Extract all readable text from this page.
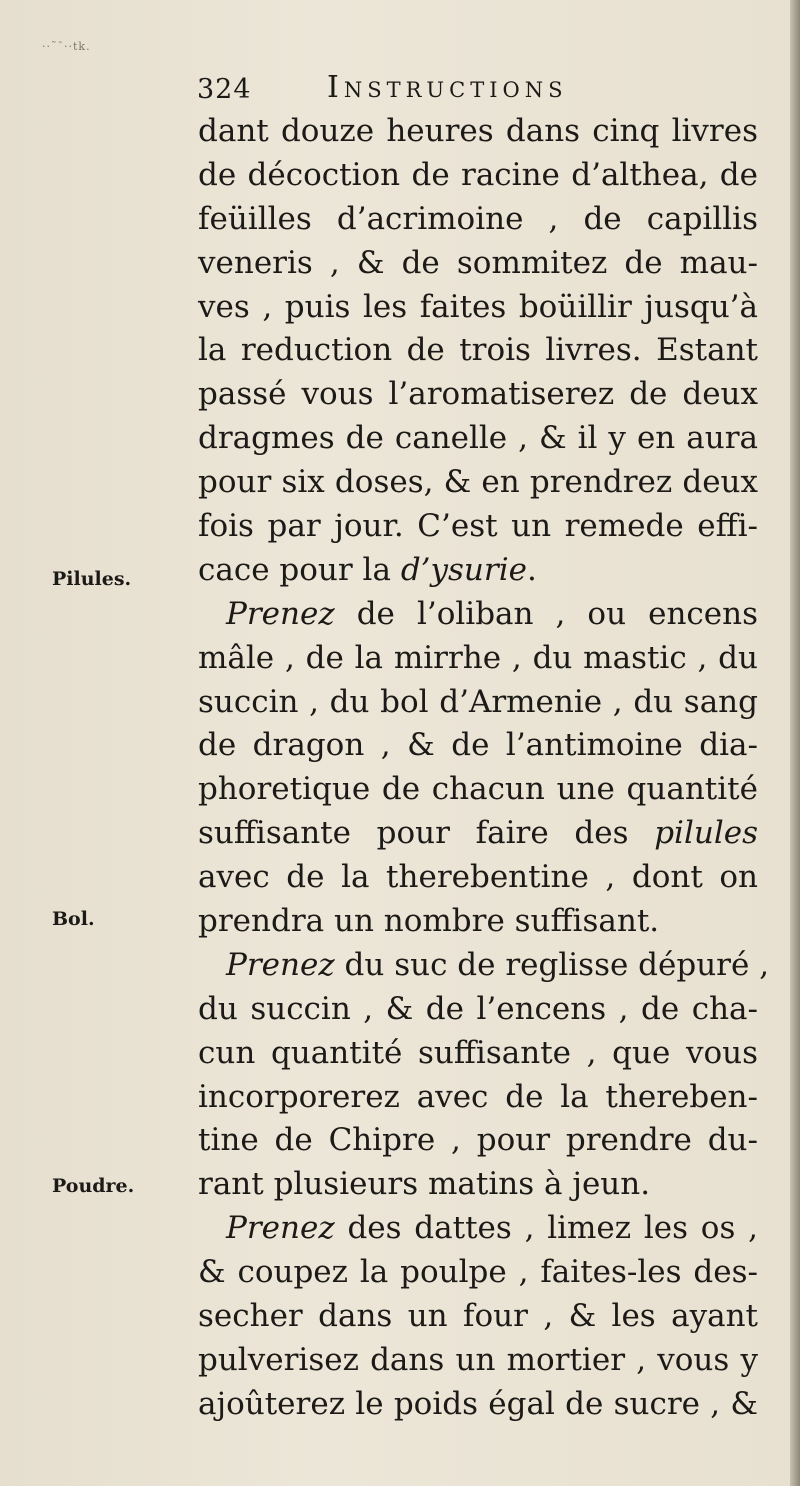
··˜ˉ··tk.
324	Instructions
dant douze heures dans cinq livres
de décoction de racine d’althea, de
feüilles d’acrimoine , de capillis
veneris , & de sommitez de mau-
ves , puis les faites boüillir jusqu’à
la reduction de trois livres. Estant
passé vous l’aromatiserez de deux
dragmes de canelle , & il y en aura
pour six doses, & en prendrez deux
fois par jour. C’est un remede effi-
cace pour la d’ysurie.
Prenez de l’oliban , ou encens
mâle , de la mirrhe , du mastic , du
succin , du bol d’Armenie , du sang
de dragon , & de l’antimoine dia-
phoretique de chacun une quantité
suffisante pour faire des pilules
avec de la therebentine , dont on
prendra un nombre suffisant.
Prenez du suc de reglisse dépuré ,
du succin , & de l’encens , de cha-
cun quantité suffisante , que vous
incorporerez avec de la thereben-
tine de Chipre , pour prendre du-
rant plusieurs matins à jeun.
Prenez des dattes , limez les os ,
& coupez la poulpe , faites-les des-
secher dans un four , & les ayant
pulverisez dans un mortier , vous y
ajoûterez le poids égal de sucre , &
Pilules.
Bol.
Poudre.
